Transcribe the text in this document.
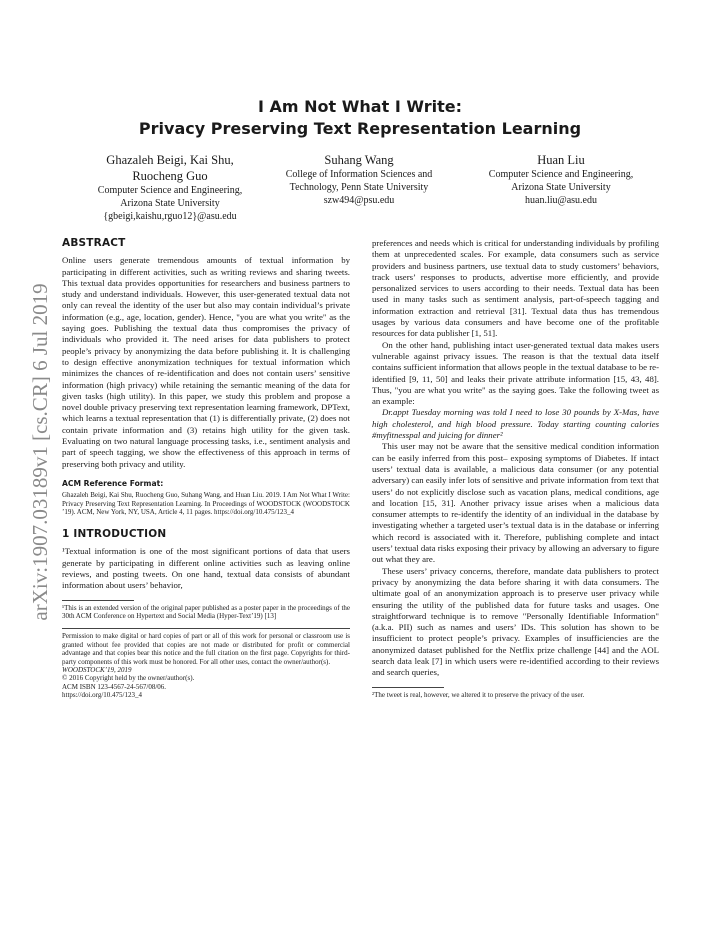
arXiv:1907.03189v1 [cs.CR] 6 Jul 2019
I Am Not What I Write:
Privacy Preserving Text Representation Learning
Ghazaleh Beigi, Kai Shu,
Ruocheng Guo
Computer Science and Engineering,
Arizona State University
{gbeigi,kaishu,rguo12}@asu.edu
Suhang Wang
College of Information Sciences and
Technology, Penn State University
szw494@psu.edu
Huan Liu
Computer Science and Engineering,
Arizona State University
huan.liu@asu.edu
ABSTRACT

Online users generate tremendous amounts of textual information by participating in different activities, such as writing reviews and sharing tweets. This textual data provides opportunities for researchers and business partners to study and understand individuals. However, this user-generated textual data not only can reveal the identity of the user but also may contain individual’s private information (e.g., age, location, gender). Hence, "you are what you write" as the saying goes. Publishing the textual data thus compromises the privacy of individuals who provided it. The need arises for data publishers to protect people’s privacy by anonymizing the data before publishing it. It is challenging to design effective anonymization techniques for textual information which minimizes the chances of re-identification and does not contain users’ sensitive information (high privacy) while retaining the semantic meaning of the data for given tasks (high utility). In this paper, we study this problem and propose a novel double privacy preserving text representation learning framework, DPText, which learns a textual representation that (1) is differentially private, (2) does not contain private information and (3) retains high utility for the given task. Evaluating on two natural language processing tasks, i.e., sentiment analysis and part of speech tagging, we show the effectiveness of this approach in terms of preserving both privacy and utility.

ACM Reference Format:

Ghazaleh Beigi, Kai Shu, Ruocheng Guo, Suhang Wang, and Huan Liu. 2019. I Am Not What I Write: Privacy Preserving Text Representation Learning. In Proceedings of WOODSTOCK (WOODSTOCK ’19). ACM, New York, NY, USA, Article 4, 11 pages. https://doi.org/10.475/123_4

1 INTRODUCTION

¹Textual information is one of the most significant portions of data that users generate by participating in different online activities such as leaving online reviews, and posting tweets. On one hand, textual data consists of abundant information about users’ behavior,

¹This is an extended version of the original paper published as a poster paper in the proceedings of the 30th ACM Conference on Hypertext and Social Media (Hyper-Text’19) [13]

Permission to make digital or hard copies of part or all of this work for personal or classroom use is granted without fee provided that copies are not made or distributed for profit or commercial advantage and that copies bear this notice and the full citation on the first page. Copyrights for third-party components of this work must be honored. For all other uses, contact the owner/author(s).

WOODSTOCK’19, 2019

© 2016 Copyright held by the owner/author(s).

ACM ISBN 123-4567-24-567/08/06.

https://doi.org/10.475/123_4

preferences and needs which is critical for understanding individuals by profiling them at unprecedented scales. For example, data consumers such as service providers and business partners, use textual data to study customers’ behaviors, track users’ responses to products, advertise more efficiently, and provide personalized services to users according to their needs. Textual data has been used in many tasks such as sentiment analysis, part-of-speech tagging and information extraction and retrieval [31]. Textual data thus has tremendous usages by various data consumers and have become one of the profitable resources for data publisher [1, 51].

On the other hand, publishing intact user-generated textual data makes users vulnerable against privacy issues. The reason is that the textual data itself contains sufficient information that allows people in the textual database to be re-identified [9, 11, 50] and leaks their private attribute information [15, 43, 48]. Thus, "you are what you write" as the saying goes. Take the following tweet as an example:

Dr.appt Tuesday morning was told I need to lose 30 pounds by X-Mas, have high cholesterol, and high blood pressure. Today starting counting calories #myfitnesspal and juicing for dinner²

This user may not be aware that the sensitive medical condition information can be easily inferred from this post– exposing symptoms of Diabetes. If intact users’ textual data is available, a malicious data consumer (or any potential adversary) can easily infer lots of sensitive and private information from text that users’ do not explicitly disclose such as vacation plans, medical conditions, age and location [15, 31]. Another privacy issue arises when a malicious data consumer attempts to re-identify the identity of an individual in the database by investigating whether a targeted user’s textual data is in the database or inferring which record is associated with it. Therefore, publishing complete and intact users’ textual data risks exposing their privacy by allowing an adversary to figure out what they are.

These users’ privacy concerns, therefore, mandate data publishers to protect privacy by anonymizing the data before sharing it with data consumers. The ultimate goal of an anonymization approach is to preserve user privacy while ensuring the utility of the published data for future tasks and usages. One straightforward technique is to remove "Personally Identifiable Information" (a.k.a. PII) such as names and users’ IDs. This solution has shown to be insufficient to protect people’s privacy. Examples of insufficiencies are the anonymized dataset published for the Netflix prize challenge [44] and the AOL search data leak [7] in which users were re-identified according to their reviews and search queries,

²The tweet is real, however, we altered it to preserve the privacy of the user.
